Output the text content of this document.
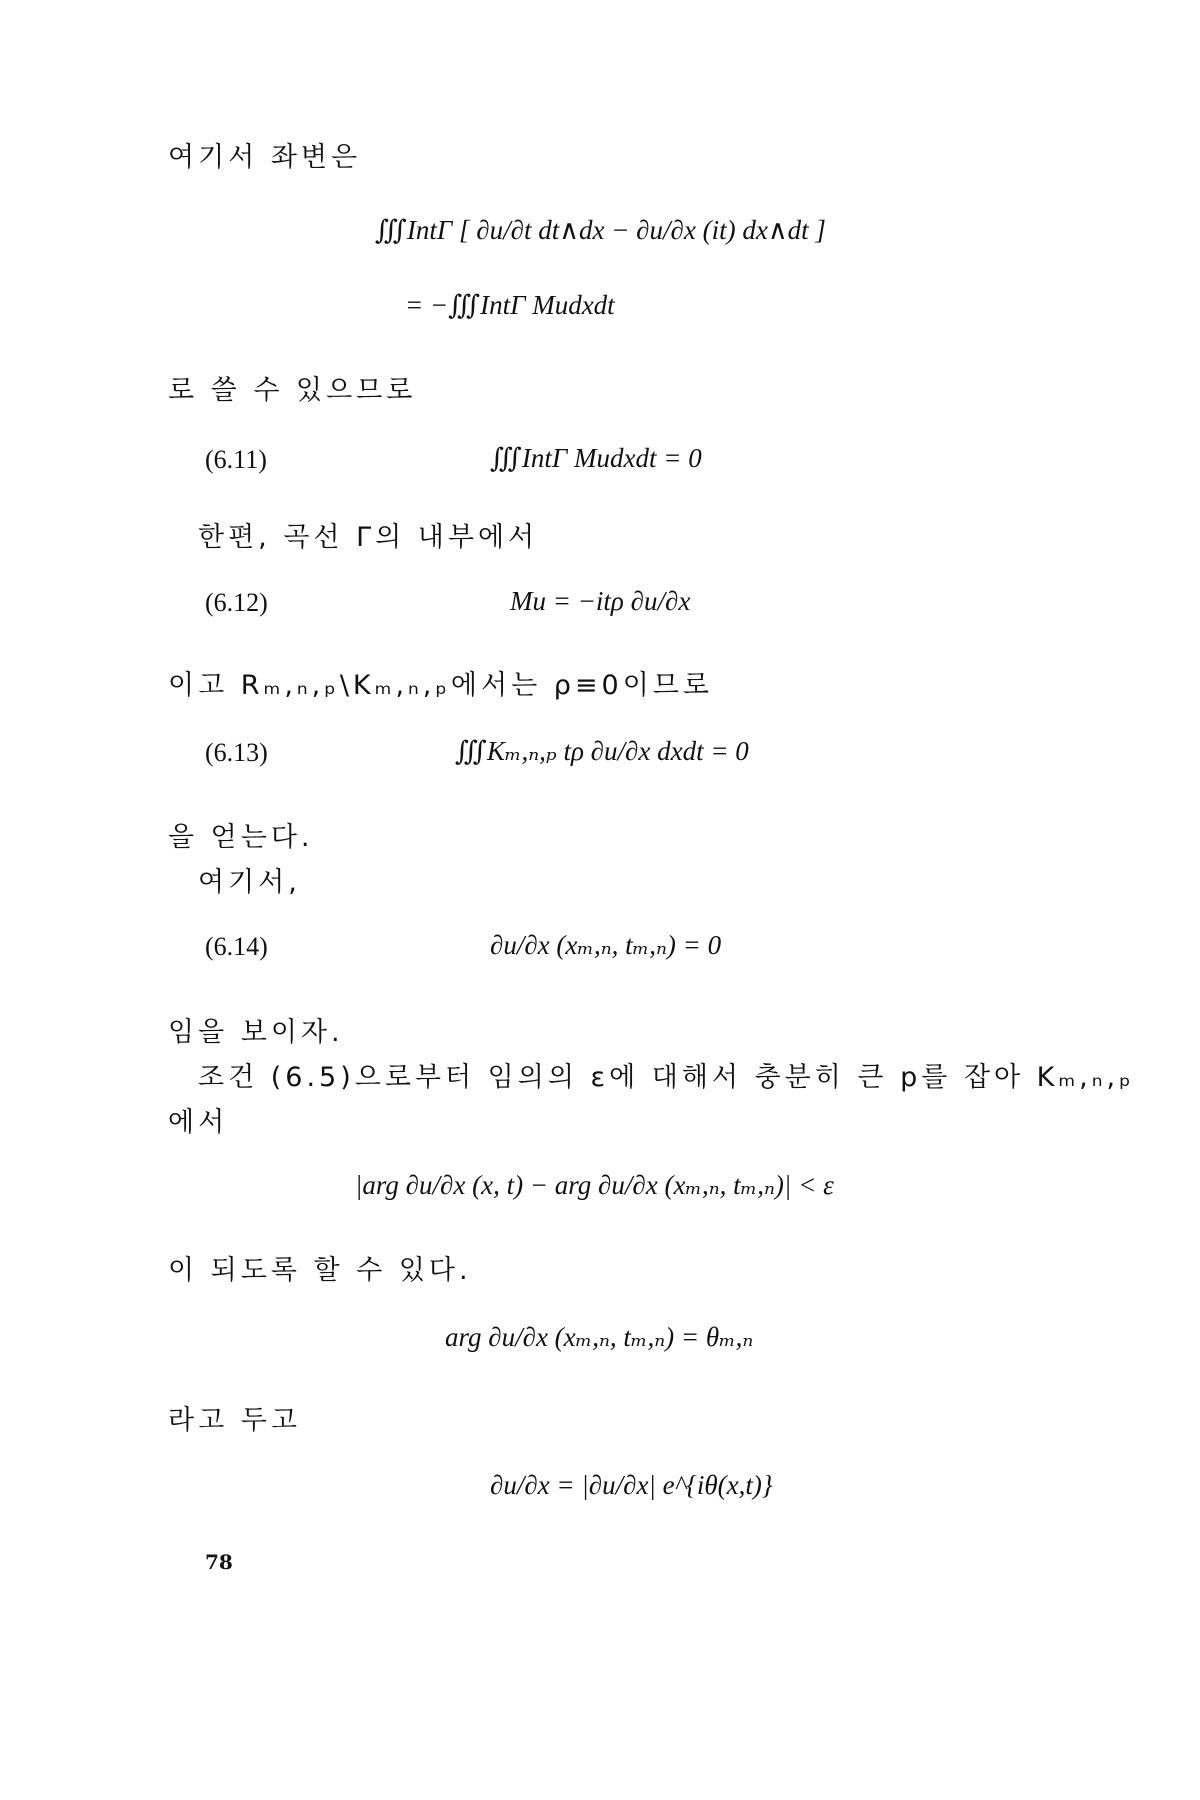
여기서 좌변은
∭IntΓ [ ∂u/∂t dt∧dx − ∂u/∂x (it) dx∧dt ]
= −∭IntΓ Mudxdt
로 쓸 수 있으므로
(6.11)	∭IntΓ Mudxdt = 0
한편, 곡선 Γ의 내부에서
(6.12)	Mu = −itρ ∂u/∂x
이고 Rₘ,ₙ,ₚ\Kₘ,ₙ,ₚ에서는 ρ≡0이므로
(6.13)	∭Kₘ,ₙ,ₚ tρ ∂u/∂x dxdt = 0
을 얻는다.
여기서,
(6.14)	∂u/∂x (xₘ,ₙ, tₘ,ₙ) = 0
임을 보이자.
조건 (6.5)으로부터 임의의 ε에 대해서 충분히 큰 p를 잡아 Kₘ,ₙ,ₚ
에서
|arg ∂u/∂x (x, t) − arg ∂u/∂x (xₘ,ₙ, tₘ,ₙ)| < ε
이 되도록 할 수 있다.
arg ∂u/∂x (xₘ,ₙ, tₘ,ₙ) = θₘ,ₙ
라고 두고
∂u/∂x = |∂u/∂x| e^{iθ(x,t)}
78
